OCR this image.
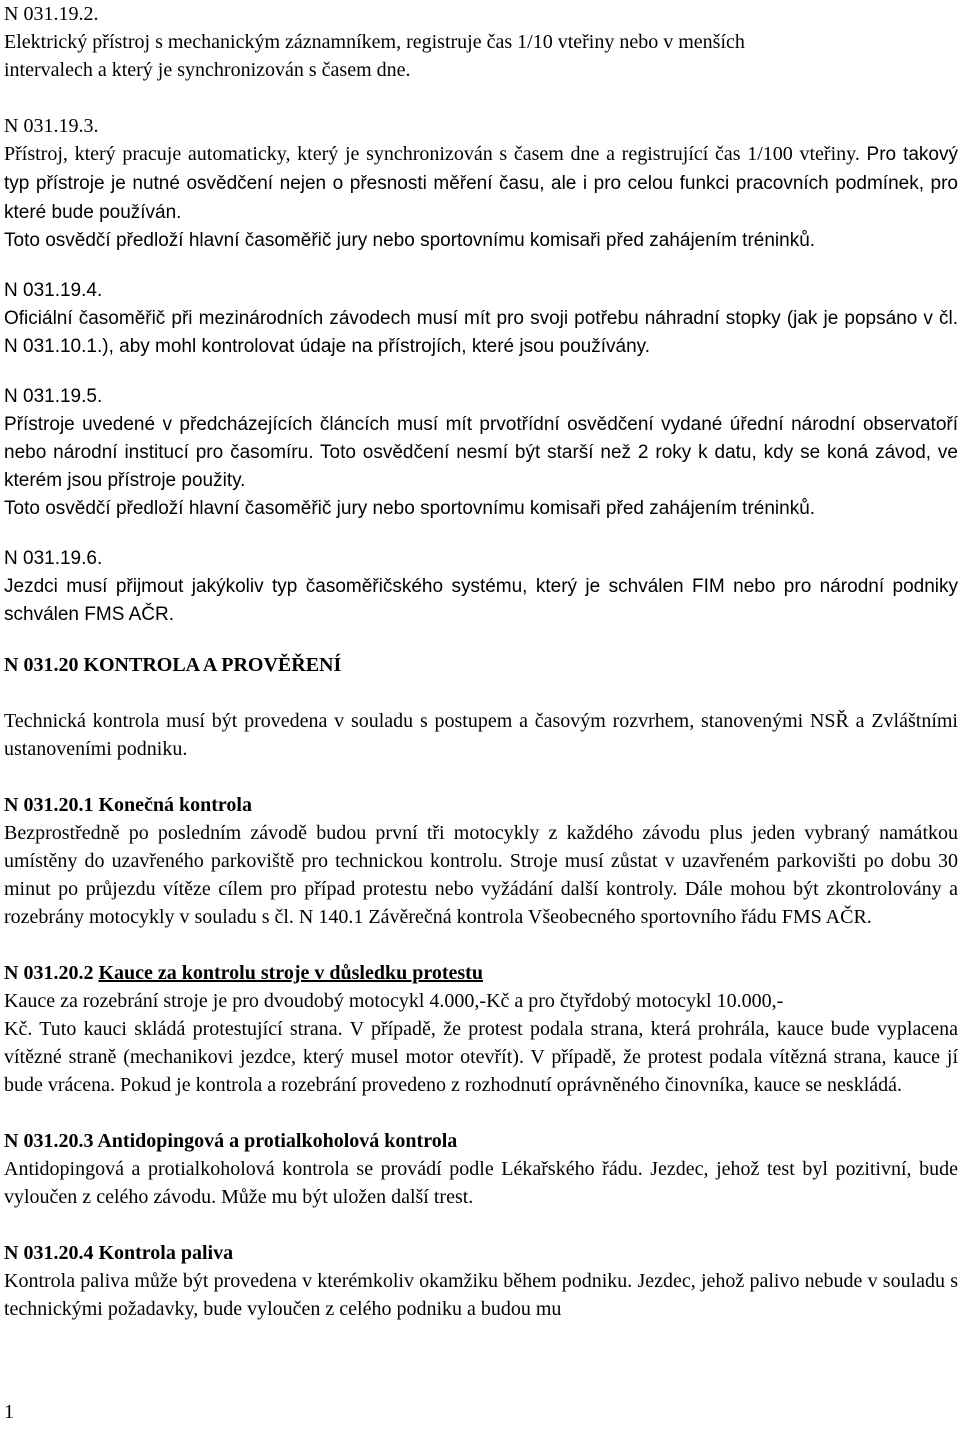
N 031.19.2.
Elektrický přístroj s mechanickým záznamníkem, registruje čas 1/10 vteřiny nebo v menších
intervalech a který je synchronizován s časem dne.
N 031.19.3.
Přístroj, který pracuje automaticky, který je synchronizován s časem dne a registrující čas 1/100 vteřiny. Pro takový typ přístroje je nutné osvědčení nejen o přesnosti měření času, ale i pro celou funkci pracovních podmínek, pro které bude používán.
Toto osvědčí předloží hlavní časoměřič jury nebo sportovnímu komisaři před zahájením tréninků.
N 031.19.4.
Oficiální časoměřič při mezinárodních závodech musí mít pro svoji potřebu náhradní stopky (jak je popsáno v čl. N 031.10.1.), aby mohl kontrolovat údaje na přístrojích, které jsou používány.
N 031.19.5.
Přístroje uvedené v předcházejících článcích musí mít prvotřídní osvědčení vydané úřední národní observatoří nebo národní institucí pro časomíru. Toto osvědčení nesmí být starší než 2 roky k datu, kdy se koná závod, ve kterém jsou přístroje použity.
Toto osvědčí předloží hlavní časoměřič jury nebo sportovnímu komisaři před zahájením tréninků.
N 031.19.6.
Jezdci musí přijmout jakýkoliv typ časoměřičského systému, který je schválen FIM nebo pro národní podniky schválen FMS AČR.
N 031.20 KONTROLA A PROVĚŘENÍ
Technická kontrola musí být provedena v souladu s postupem a časovým rozvrhem, stanovenými NSŘ a Zvláštními ustanoveními podniku.
N 031.20.1 Konečná kontrola
Bezprostředně po posledním závodě budou první tři motocykly z každého závodu plus jeden vybraný namátkou umístěny do uzavřeného parkoviště pro technickou kontrolu. Stroje musí zůstat v uzavřeném parkovišti po dobu 30 minut po průjezdu vítěze cílem pro případ protestu nebo vyžádání další kontroly. Dále mohou být zkontrolovány a rozebrány motocykly v souladu s čl. N 140.1 Závěrečná kontrola Všeobecného sportovního řádu FMS AČR.
N 031.20.2 Kauce za kontrolu stroje v důsledku protestu
Kauce za rozebrání stroje je pro dvoudobý motocykl 4.000,-Kč a pro čtyřdobý motocykl 10.000,-
Kč. Tuto kauci skládá protestující strana. V případě, že protest podala strana, která prohrála, kauce bude vyplacena vítězné straně (mechanikovi jezdce, který musel motor otevřít). V případě, že protest podala vítězná strana, kauce jí bude vrácena. Pokud je kontrola a rozebrání provedeno z rozhodnutí oprávněného činovníka, kauce se neskládá.
N 031.20.3 Antidopingová a protialkoholová kontrola
Antidopingová a protialkoholová kontrola se provádí podle Lékařského řádu. Jezdec, jehož test byl pozitivní, bude vyloučen z celého závodu. Může mu být uložen další trest.
N 031.20.4 Kontrola paliva
Kontrola paliva může být provedena v kterémkoliv okamžiku během podniku. Jezdec, jehož palivo nebude v souladu s technickými požadavky, bude vyloučen z celého podniku a budou mu
1
